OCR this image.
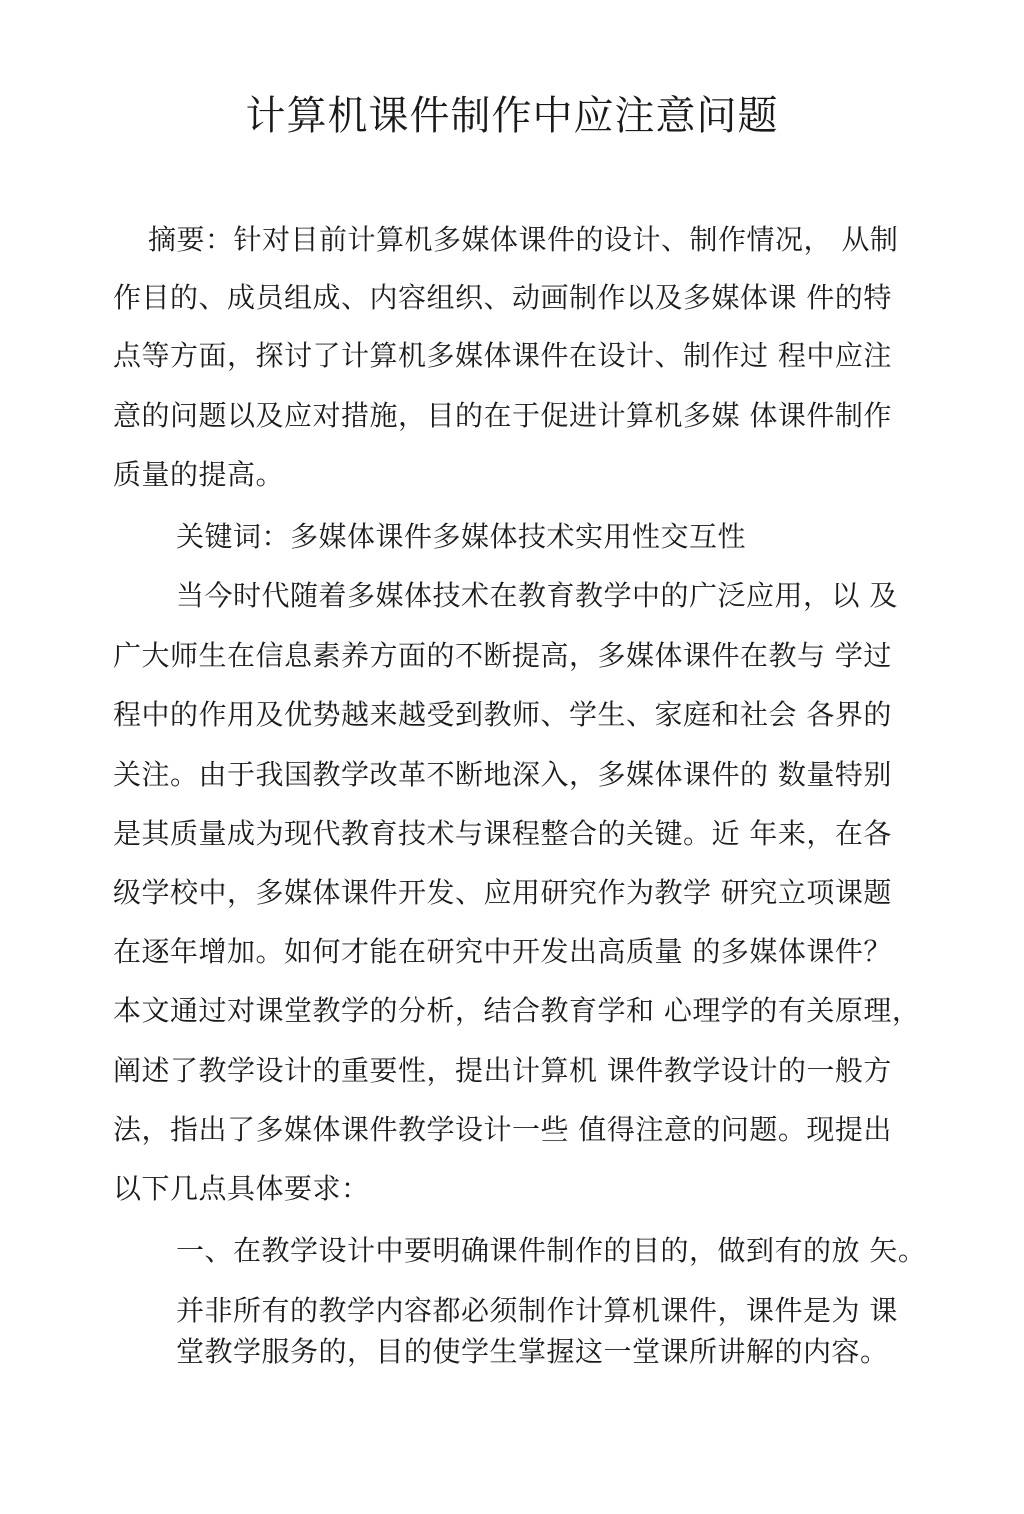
计算机课件制作中应注意问题
摘要：针对目前计算机多媒体课件的设计、制作情况， 从制
作目的、成员组成、内容组织、动画制作以及多媒体课 件的特
点等方面，探讨了计算机多媒体课件在设计、制作过 程中应注
意的问题以及应对措施，目的在于促进计算机多媒 体课件制作
质量的提高。
关键词：多媒体课件多媒体技术实用性交互性
当今时代随着多媒体技术在教育教学中的广泛应用，以 及
广大师生在信息素养方面的不断提高，多媒体课件在教与 学过
程中的作用及优势越来越受到教师、学生、家庭和社会 各界的
关注。由于我国教学改革不断地深入，多媒体课件的 数量特别
是其质量成为现代教育技术与课程整合的关键。近 年来，在各
级学校中，多媒体课件开发、应用研究作为教学 研究立项课题
在逐年增加。如何才能在研究中开发出高质量 的多媒体课件？
本文通过对课堂教学的分析，结合教育学和 心理学的有关原理，
阐述了教学设计的重要性，提出计算机 课件教学设计的一般方
法，指出了多媒体课件教学设计一些 值得注意的问题。现提出
以下几点具体要求：
一、在教学设计中要明确课件制作的目的，做到有的放 矢。
并非所有的教学内容都必须制作计算机课件，课件是为 课
堂教学服务的，目的使学生掌握这一堂课所讲解的内容。
